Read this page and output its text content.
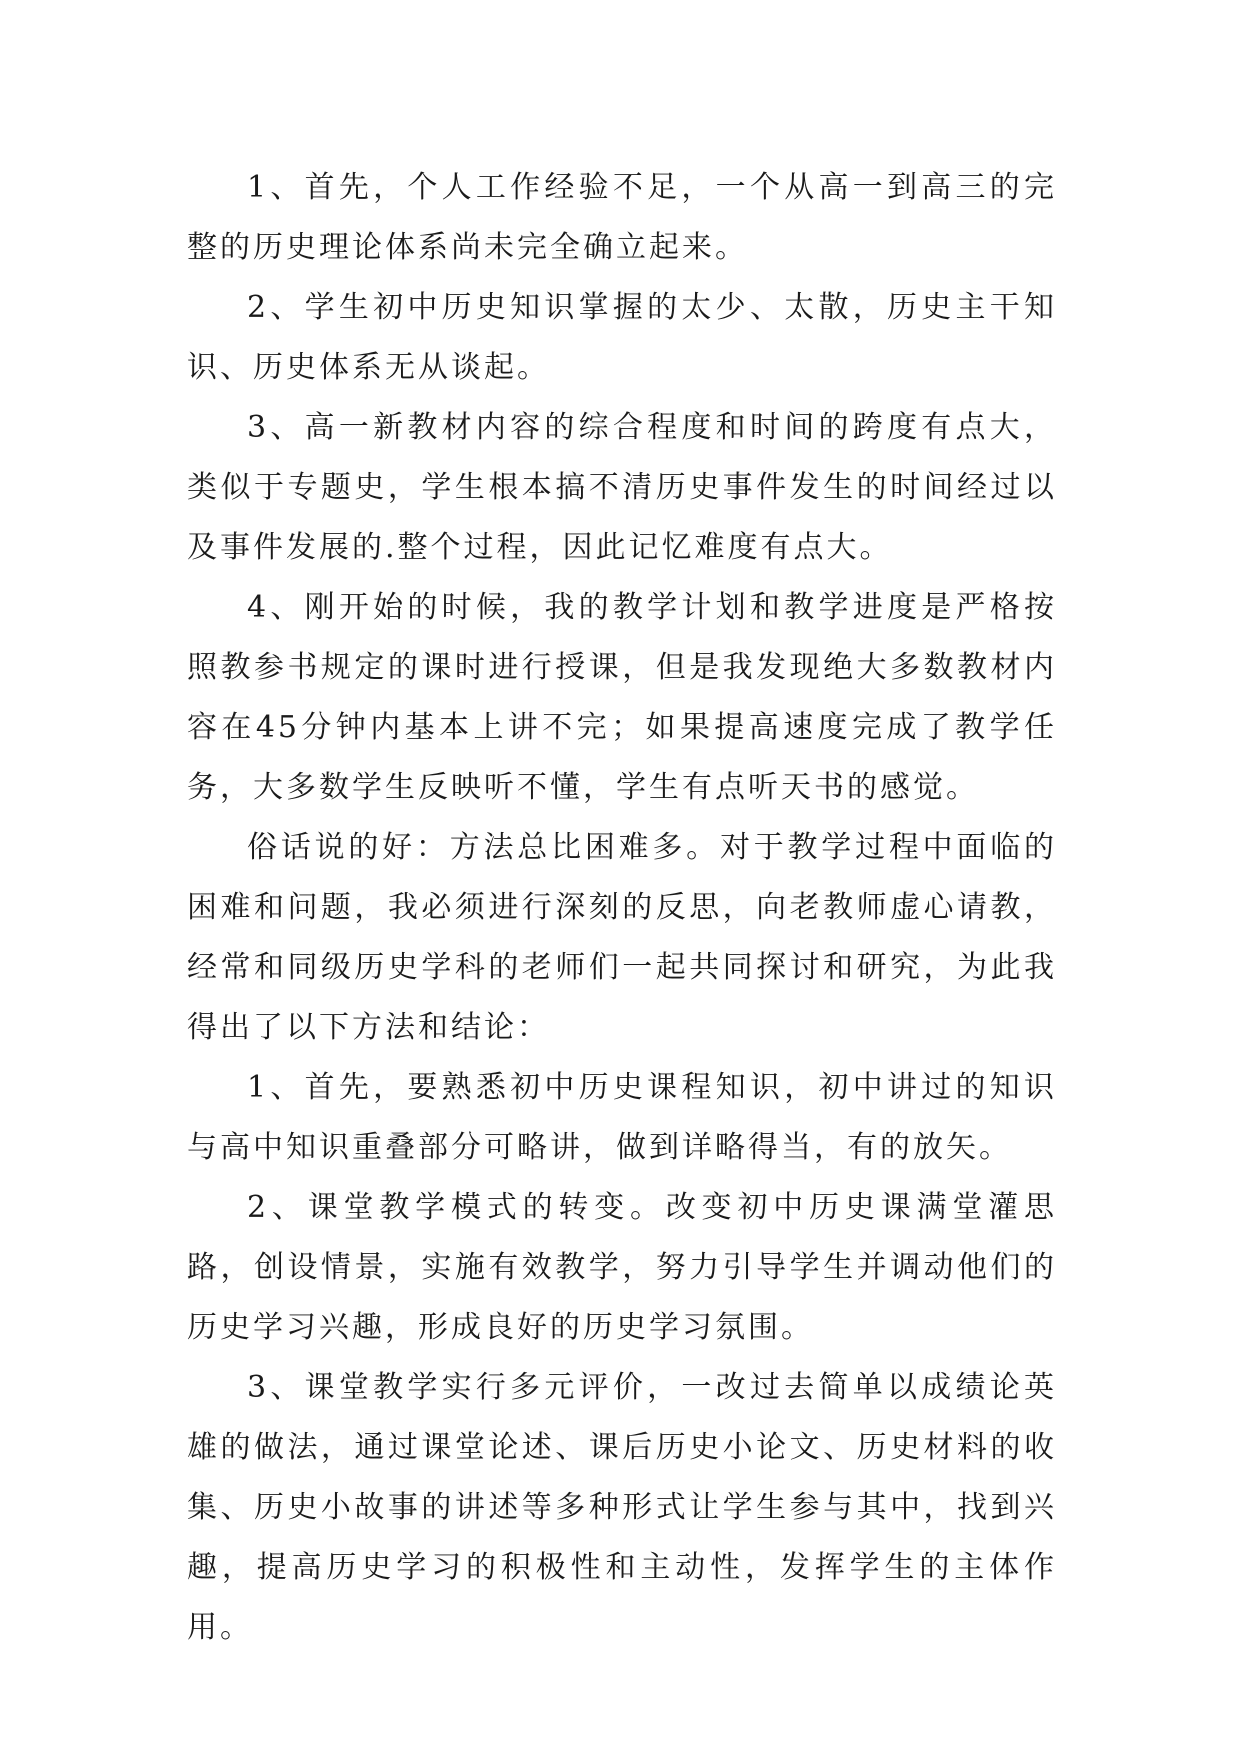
1、首先，个人工作经验不足，一个从高一到高三的完整的历史理论体系尚未完全确立起来。

2、学生初中历史知识掌握的太少、太散，历史主干知识、历史体系无从谈起。

3、高一新教材内容的综合程度和时间的跨度有点大，类似于专题史，学生根本搞不清历史事件发生的时间经过以及事件发展的.整个过程，因此记忆难度有点大。

4、刚开始的时候，我的教学计划和教学进度是严格按照教参书规定的课时进行授课，但是我发现绝大多数教材内容在45分钟内基本上讲不完；如果提高速度完成了教学任务，大多数学生反映听不懂，学生有点听天书的感觉。

俗话说的好：方法总比困难多。对于教学过程中面临的困难和问题，我必须进行深刻的反思，向老教师虚心请教，经常和同级历史学科的老师们一起共同探讨和研究，为此我得出了以下方法和结论：

1、首先，要熟悉初中历史课程知识，初中讲过的知识与高中知识重叠部分可略讲，做到详略得当，有的放矢。

2、课堂教学模式的转变。改变初中历史课满堂灌思路，创设情景，实施有效教学，努力引导学生并调动他们的历史学习兴趣，形成良好的历史学习氛围。

3、课堂教学实行多元评价，一改过去简单以成绩论英雄的做法，通过课堂论述、课后历史小论文、历史材料的收集、历史小故事的讲述等多种形式让学生参与其中，找到兴趣，提高历史学习的积极性和主动性，发挥学生的主体作用。
